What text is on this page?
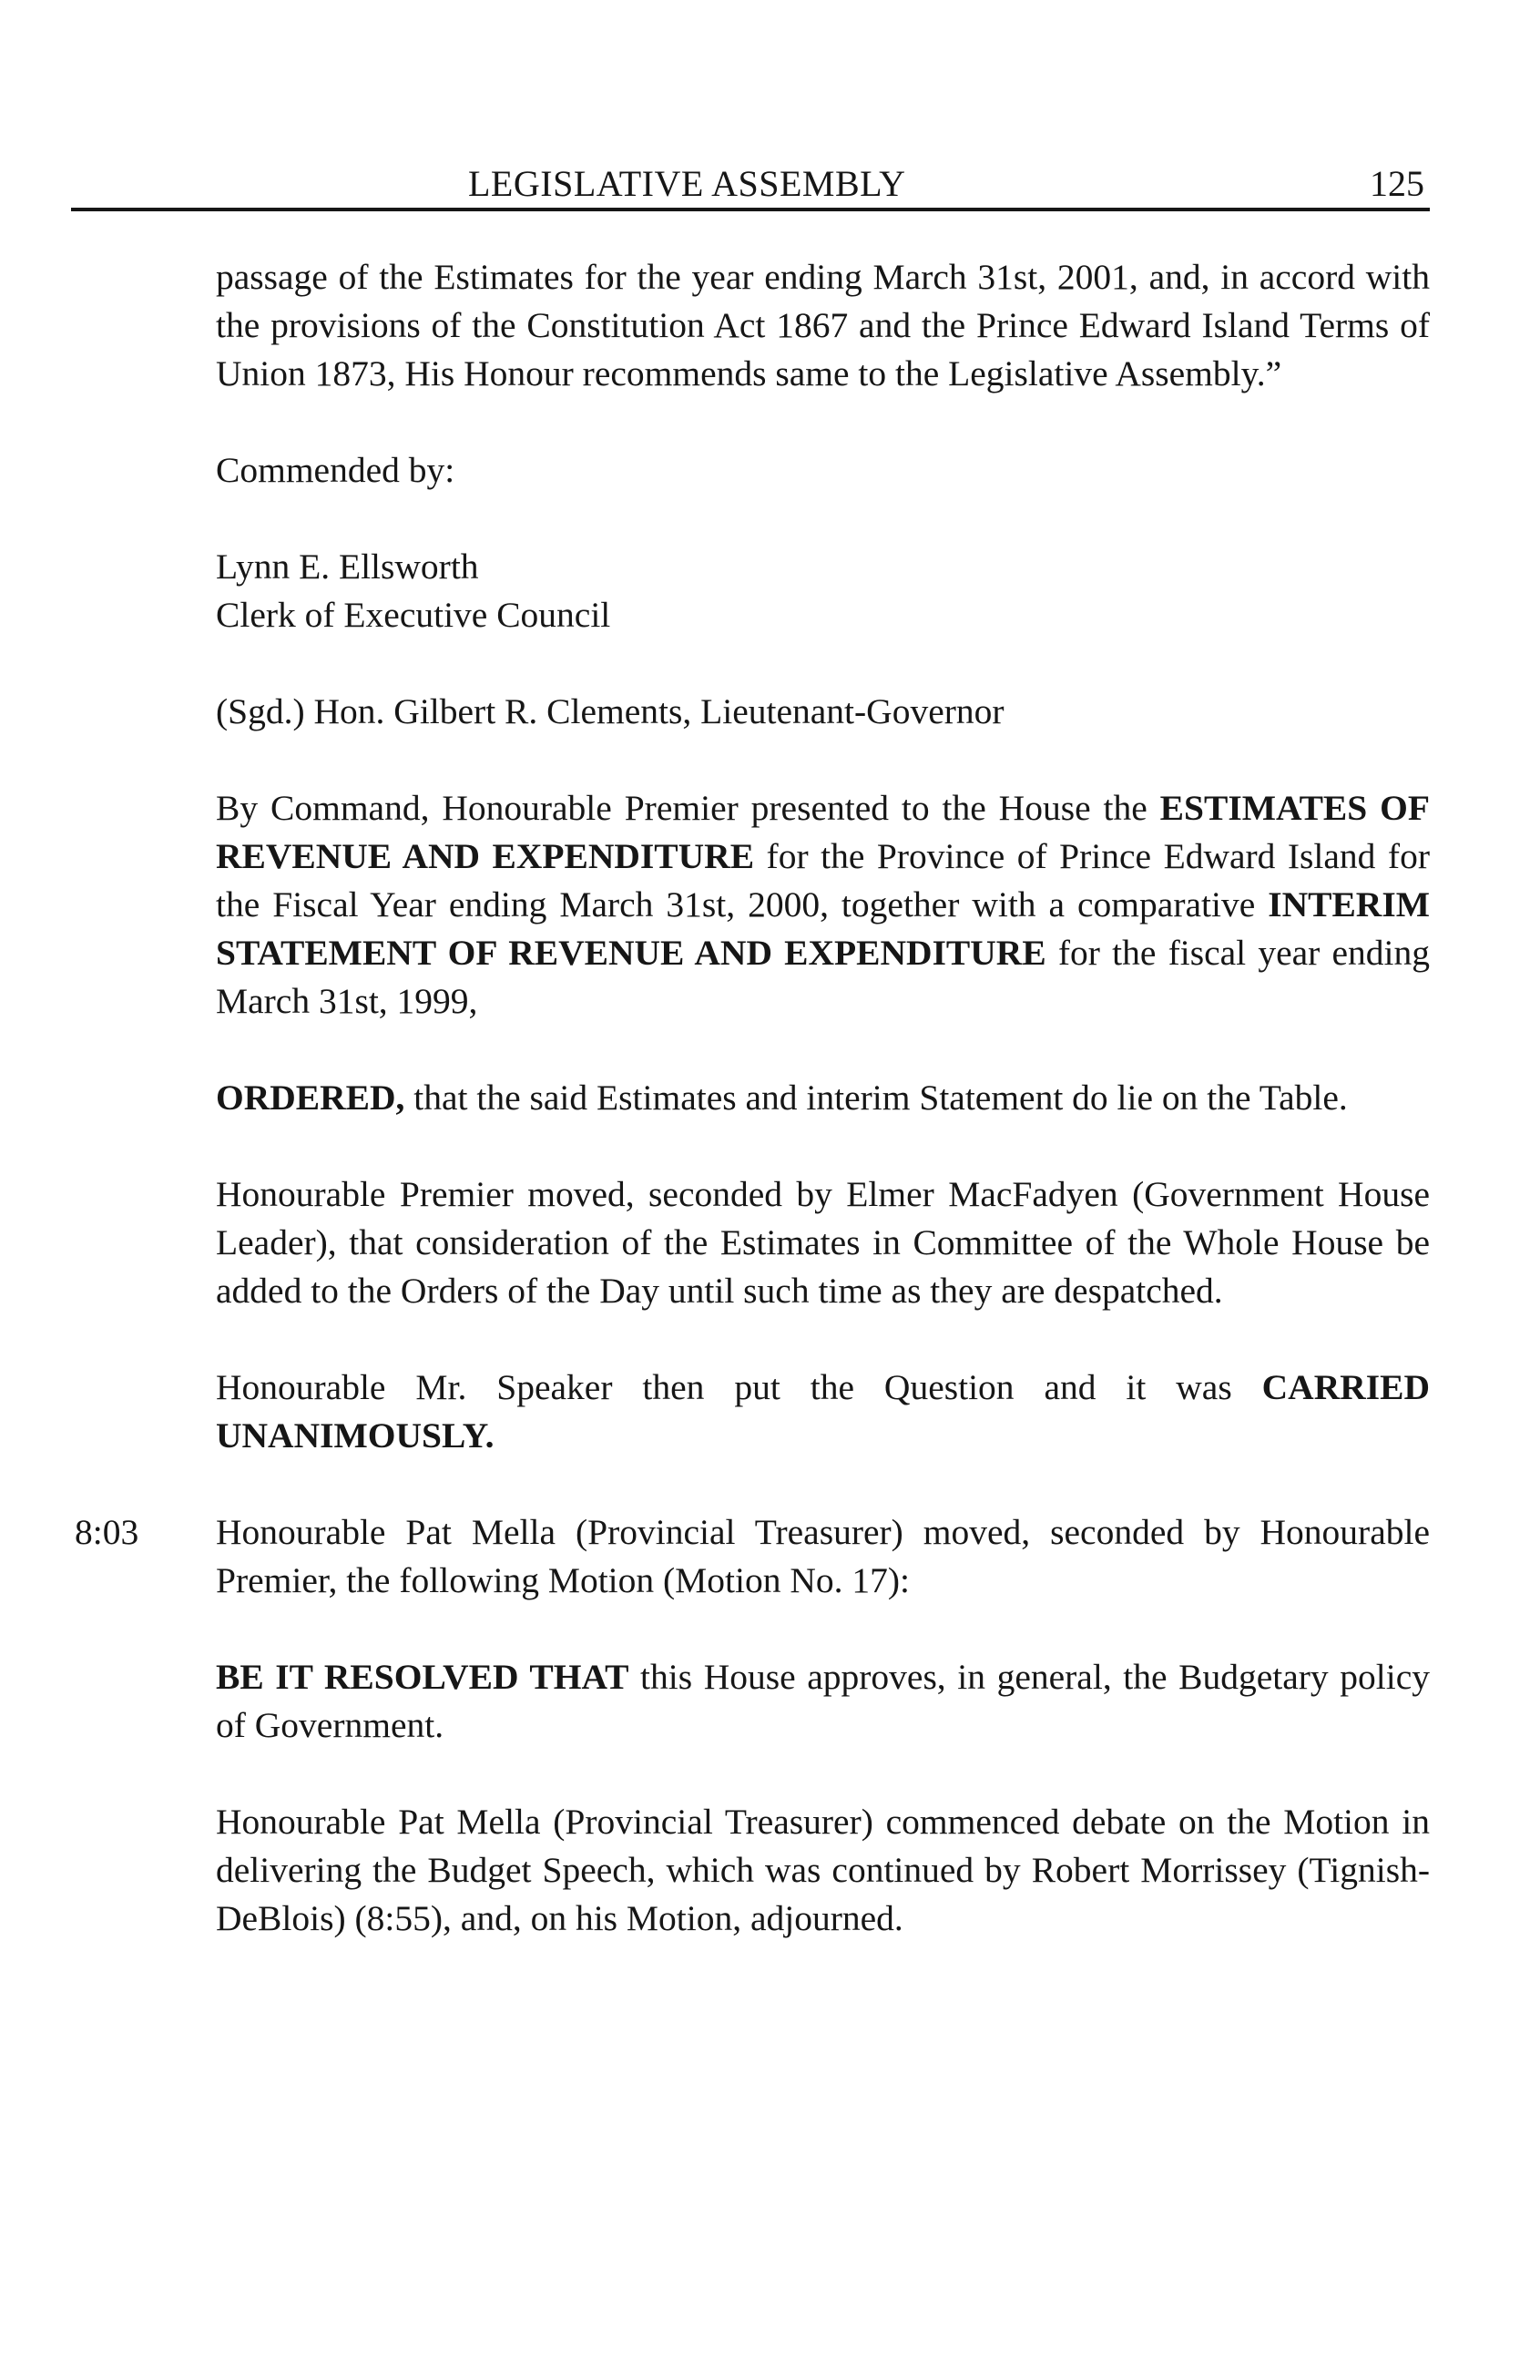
LEGISLATIVE ASSEMBLY	125

passage of the Estimates for the year ending March 31st, 2001, and, in accord with the provisions of the Constitution Act 1867 and the Prince Edward Island Terms of Union 1873, His Honour recommends same to the Legislative Assembly.”

Commended by:

Lynn E. Ellsworth

Clerk of Executive Council

(Sgd.) Hon. Gilbert R. Clements, Lieutenant-Governor

By Command, Honourable Premier presented to the House the ESTIMATES OF REVENUE AND EXPENDITURE for the Province of Prince Edward Island for the Fiscal Year ending March 31st, 2000, together with a comparative INTERIM STATEMENT OF REVENUE AND EXPENDITURE for the fiscal year ending March 31st, 1999,

ORDERED, that the said Estimates and interim Statement do lie on the Table.

Honourable Premier moved, seconded by Elmer MacFadyen (Government House Leader), that consideration of the Estimates in Committee of the Whole House be added to the Orders of the Day until such time as they are despatched.

Honourable Mr. Speaker then put the Question and it was CARRIED UNANIMOUSLY.

8:03 Honourable Pat Mella (Provincial Treasurer) moved, seconded by Honourable Premier, the following Motion (Motion No. 17):

BE IT RESOLVED THAT this House approves, in general, the Budgetary policy of Government.

Honourable Pat Mella (Provincial Treasurer) commenced debate on the Motion in delivering the Budget Speech, which was continued by Robert Morrissey (Tignish-DeBlois) (8:55), and, on his Motion, adjourned.
